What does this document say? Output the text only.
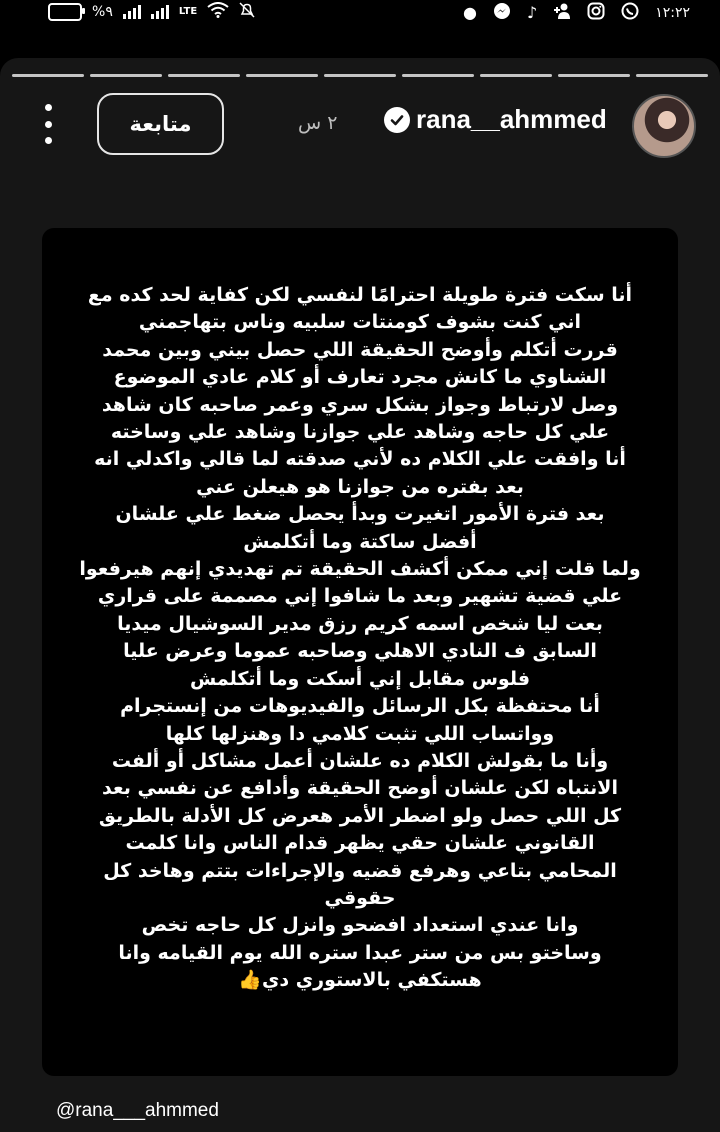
%٩	LTE	●	♪	١٢:٢٢
متابعة	٢ س	rana__ahmmed

أنا سكت فترة طويلة احترامًا لنفسي لكن كفاية لحد كده مع
اني كنت بشوف كومنتات سلبيه وناس بتهاجمني
قررت أتكلم وأوضح الحقيقة اللي حصل بيني وبين محمد
الشناوي ما كانش مجرد تعارف أو كلام عادي الموضوع
وصل لارتباط وجواز بشكل سري وعمر صاحبه كان شاهد
علي كل حاجه وشاهد علي جوازنا وشاهد علي وساخته
أنا وافقت علي الكلام ده لأني صدقته لما قالي واكدلي انه
بعد بفتره من جوازنا هو هيعلن عني
بعد فترة الأمور اتغيرت وبدأ يحصل ضغط علي علشان
أفضل ساكتة وما أتكلمش
ولما قلت إني ممكن أكشف الحقيقة تم تهديدي إنهم هيرفعوا
علي قضية تشهير وبعد ما شافوا إني مصممة على قراري
بعت ليا شخص اسمه كريم رزق مدير السوشيال ميديا
السابق ف النادي الاهلي وصاحبه عموما وعرض عليا
فلوس مقابل إني أسكت وما أتكلمش
أنا محتفظة بكل الرسائل والفيديوهات من إنستجرام
وواتساب اللي تثبت كلامي دا وهنزلها كلها
وأنا ما بقولش الكلام ده علشان أعمل مشاكل أو ألفت
الانتباه لكن علشان أوضح الحقيقة وأدافع عن نفسي بعد
كل اللي حصل ولو اضطر الأمر هعرض كل الأدلة بالطريق
القانوني علشان حقي يظهر قدام الناس وانا كلمت
المحامي بتاعي وهرفع قضيه والإجراءات بتتم وهاخد كل
حقوقي
وانا عندي استعداد افضحو وانزل كل حاجه تخص
وساختو بس من ستر عبدا ستره الله يوم القيامه وانا
هستكفي بالاستوري دي👍

@rana___ahmmed
